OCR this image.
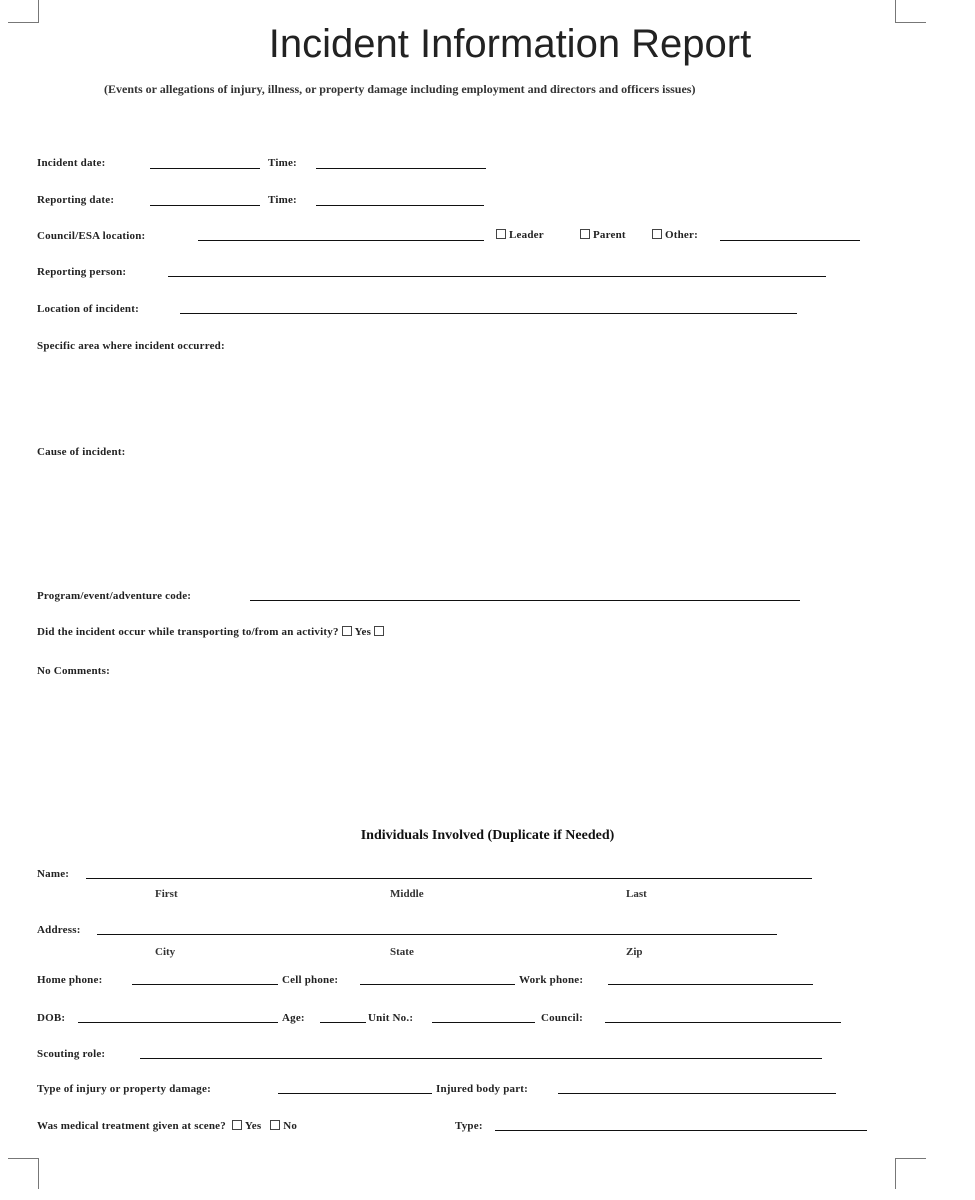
Incident Information Report
(Events or allegations of injury, illness, or property damage including employment and directors and officers issues)
Incident date:	Time:
Reporting date:	Time:
Council/ESA location:	Leader	Parent	Other:
Reporting person:
Location of incident:
Specific area where incident occurred:
Cause of incident:
Program/event/adventure code:
Did the incident occur while transporting to/from an activity? Yes
No Comments:
Individuals Involved (Duplicate if Needed)
Name:
First	Middle	Last
Address:
City	State	Zip
Home phone:	Cell phone:	Work phone:
DOB:	Age:	Unit No.:	Council:
Scouting role:
Type of injury or property damage:	Injured body part:
Was medical treatment given at scene? Yes No	Type:
